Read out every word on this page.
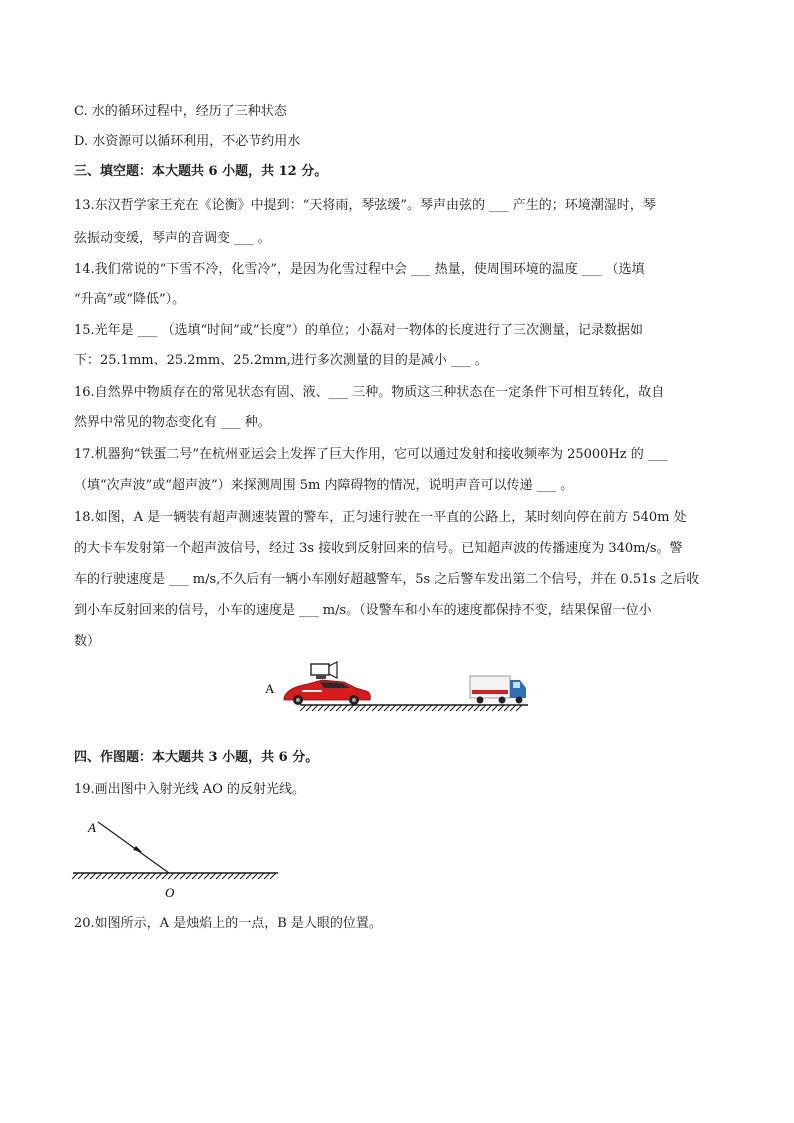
C. 水的循环过程中，经历了三种状态
D. 水资源可以循环利用，不必节约用水
三、填空题：本大题共 6 小题，共 12 分。
13.东汉哲学家王充在《论衡》中提到：“天将雨，琴弦缓”。琴声由弦的 ___ 产生的；环境潮湿时，琴
弦振动变缓，琴声的音调变 ___ 。
14.我们常说的“下雪不冷，化雪冷”，是因为化雪过程中会 ___ 热量，使周围环境的温度 ___ （选填
“升高”或“降低”）。
15.光年是 ___ （选填“时间”或“长度”）的单位；小磊对一物体的长度进行了三次测量，记录数据如
下：25.1mm、25.2mm、25.2mm,进行多次测量的目的是减小 ___ 。
16.自然界中物质存在的常见状态有固、液、___ 三种。物质这三种状态在一定条件下可相互转化，故自
然界中常见的物态变化有 ___ 种。
17.机器狗“铁蛋二号”在杭州亚运会上发挥了巨大作用，它可以通过发射和接收频率为 25000Hz 的 ___
（填“次声波”或“超声波”）来探测周围 5m 内障碍物的情况，说明声音可以传递 ___ 。
18.如图，A 是一辆装有超声测速装置的警车，正匀速行驶在一平直的公路上，某时刻向停在前方 540m 处
的大卡车发射第一个超声波信号，经过 3s 接收到反射回来的信号。已知超声波的传播速度为 340m/s。警
车的行驶速度是 ___ m/s,不久后有一辆小车刚好超越警车，5s 之后警车发出第二个信号，并在 0.51s 之后收
到小车反射回来的信号，小车的速度是 ___ m/s。（设警车和小车的速度都保持不变，结果保留一位小
数）
A
四、作图题：本大题共 3 小题，共 6 分。
19.画出图中入射光线 AO 的反射光线。
A
O
20.如图所示，A 是烛焰上的一点，B 是人眼的位置。
